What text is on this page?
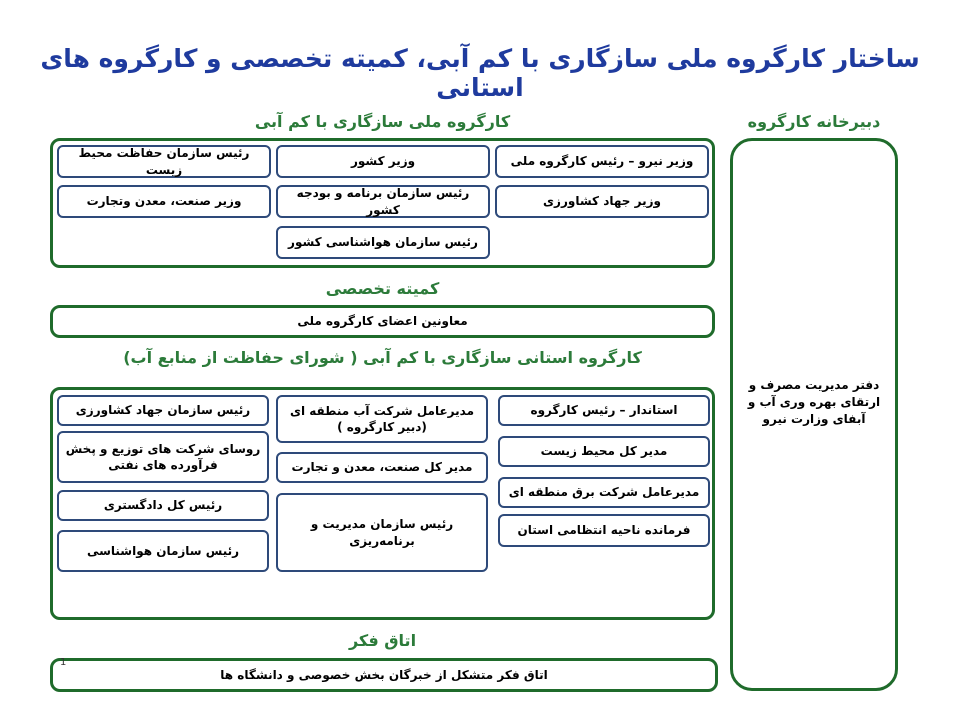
ساختار کارگروه ملی سازگاری با کم آبی، کمیته تخصصی و کارگروه های استانی
دبیرخانه کارگروه
دفتر مدیریت مصرف و
ارتقای بهره وری آب و
آبفای وزارت نیرو
کارگروه ملی سازگاری با کم آبی
وزیر نیرو – رئیس کارگروه ملی
وزیر کشور
رئیس سازمان حفاظت محیط زیست
وزیر جهاد کشاورزی
رئیس سازمان برنامه و بودجه کشور
وزیر صنعت، معدن وتجارت
رئیس سازمان هواشناسی کشور
کمیته تخصصی
معاونین اعضای کارگروه ملی
کارگروه استانی سازگاری با کم آبی ( شورای حفاظت از منابع آب)
استاندار – رئیس کارگروه
مدیر کل محیط زیست
مدیرعامل شرکت برق منطقه ای
فرمانده ناحیه انتظامی استان
مدیرعامل شرکت آب منطقه ای
(دبیر کارگروه )
مدیر کل صنعت، معدن و تجارت
رئیس سازمان مدیریت و
برنامه‌ریزی
رئیس سازمان جهاد کشاورزی
روسای شرکت های توزیع و پخش
فرآورده های نفتی
رئیس کل دادگستری
رئیس سازمان هواشناسی
اتاق فکر
اتاق فکر متشکل از خبرگان بخش خصوصی و دانشگاه ها
1
